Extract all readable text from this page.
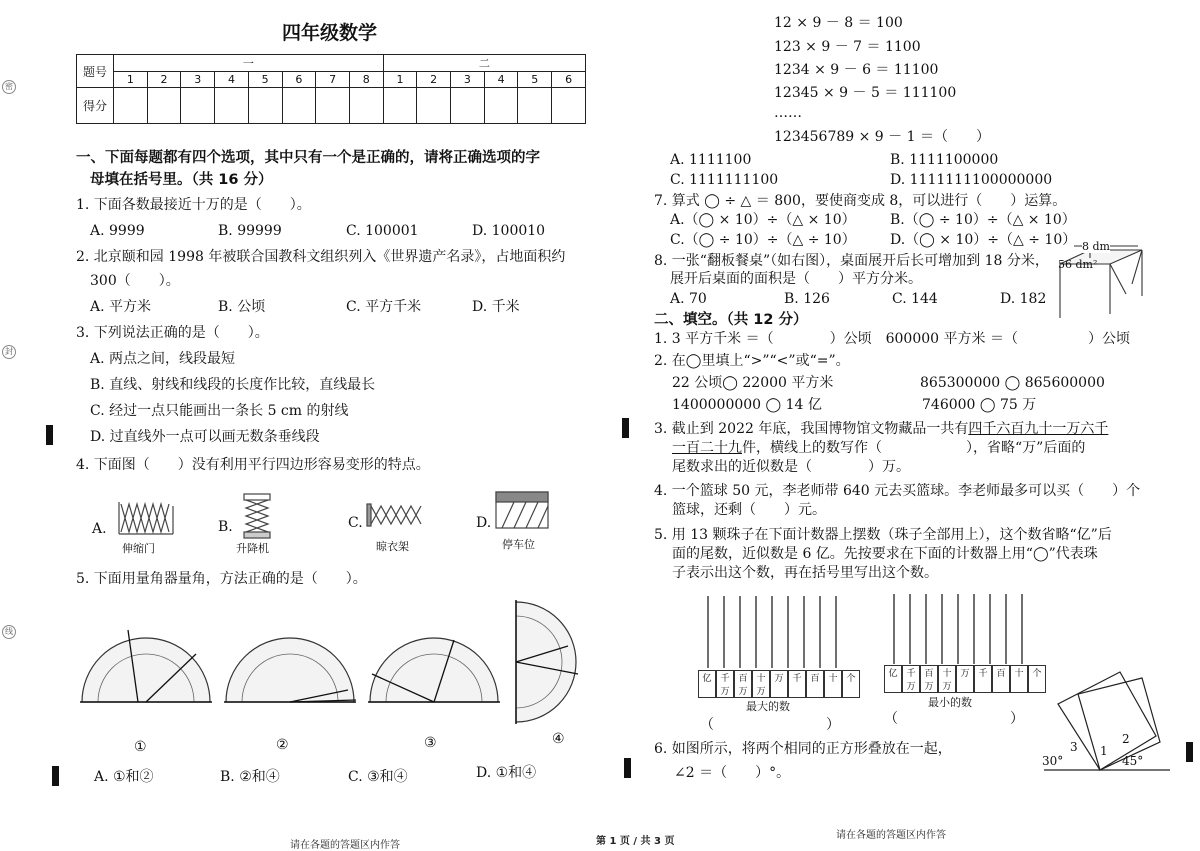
四年级数学
题号	一								二					
	1	2	3	4	5	6	7	8	1	2	3	4	5	6
得分														
密
封
线
一、下面每题都有四个选项，其中只有一个是正确的，请将正确选项的字
母填在括号里。（共 16 分）
1. 下面各数最接近十万的是（　　）。
A. 9999	B. 99999	C. 100001	D. 100010
2. 北京颐和园 1998 年被联合国教科文组织列入《世界遗产名录》，占地面积约
300（　　）。
A. 平方米	B. 公顷	C. 平方千米	D. 千米
3. 下列说法正确的是（　　）。
A. 两点之间，线段最短
B. 直线、射线和线段的长度作比较，直线最长
C. 经过一点只能画出一条长 5 cm 的射线
D. 过直线外一点可以画无数条垂线段
4. 下面图（　　）没有利用平行四边形容易变形的特点。
A.
伸缩门
B.
升降机
C.
晾衣架
D.
停车位
5. 下面用量角器量角，方法正确的是（　　）。
①	②	③	④
A. ①和②	B. ②和④	C. ③和④	D. ①和④
12 × 9 － 8 ＝ 100
123 × 9 － 7 ＝ 1100
1234 × 9 － 6 ＝ 11100
12345 × 9 － 5 ＝ 111100
……
123456789 × 9 － 1 ＝（　　）
A. 1111100	B. 1111100000
C. 1111111100	D. 1111111100000000
7. 算式 ◯ ÷ △ ＝ 800，要使商变成 8，可以进行（　　）运算。
A.（◯ × 10）÷（△ × 10） B.（◯ ÷ 10）÷（△ × 10）
C.（◯ ÷ 10）÷（△ ÷ 10） D.（◯ × 10）÷（△ ÷ 10）
8. 一张“翻板餐桌”（如右图），桌面展开后长可增加到 18 分米，
展开后桌面的面积是（　　）平方分米。
A. 70	B. 126	C. 144	D. 182
8 dm
56 dm²
二、填空。（共 12 分）
1. 3 平方千米 ＝（　　　　）公顷　600000 平方米 ＝（　　　　　）公顷
2. 在◯里填上“>”“<”或“=”。
22 公顷◯ 22000 平方米	865300000 ◯ 865600000
1400000000 ◯ 14 亿	746000 ◯ 75 万
3. 截止到 2022 年底，我国博物馆文物藏品一共有四千六百九十一万六千
一百二十九件，横线上的数写作（　　　　　　），省略“万”后面的
尾数求出的近似数是（　　　　）万。
4. 一个篮球 50 元，李老师带 640 元去买篮球。李老师最多可以买（　　）个
篮球，还剩（　　）元。
5. 用 13 颗珠子在下面计数器上摆数（珠子全部用上），这个数省略“亿”后
面的尾数，近似数是 6 亿。先按要求在下面的计数器上用“◯”代表珠
子表示出这个数，再在括号里写出这个数。
亿 千万
百万
十万
万 千 百 十 个
最大的数
（　　　　　　　　）
亿 千万
百万
十万
万 千 百 十 个
最小的数
（　　　　　　　　）
3 1
2
30°	45°
6. 如图所示，将两个相同的正方形叠放在一起，
∠2 ＝（　　）°。
请在各题的答题区内作答	第 1 页 / 共 3 页
请在各题的答题区内作答
